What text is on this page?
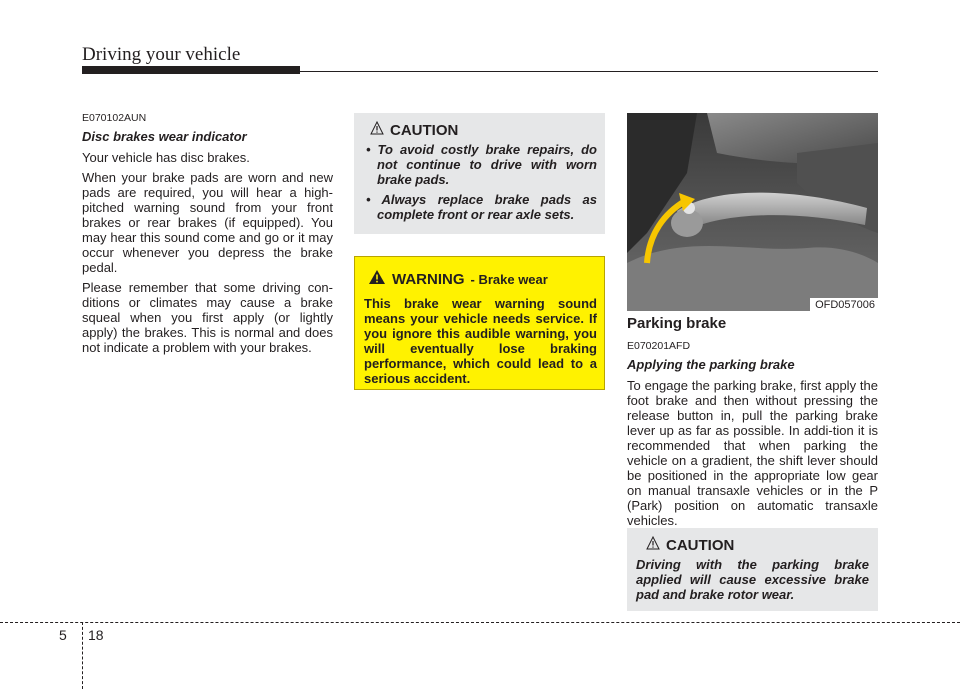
Driving your vehicle

E070102AUN

Disc brakes wear indicator

Your vehicle has disc brakes.

When your brake pads are worn and new pads are required, you will hear a high-pitched warning sound from your front brakes or rear brakes (if equipped). You may hear this sound come and go or it may occur whenever you depress the brake pedal.

Please remember that some driving con-ditions or climates may cause a brake squeal when you first apply (or lightly apply) the brakes. This is normal and does not indicate a problem with your brakes.

CAUTION
• To avoid costly brake repairs, do not continue to drive with worn brake pads.
• Always replace brake pads as complete front or rear axle sets.
WARNING - Brake wear

This brake wear warning sound means your vehicle needs service. If you ignore this audible warning, you will eventually lose braking performance, which could lead to a serious accident.

OFD057006

Parking brake

E070201AFD

Applying the parking brake

To engage the parking brake, first apply the foot brake and then without pressing the release button in, pull the parking brake lever up as far as possible. In addi-tion it is recommended that when parking the vehicle on a gradient, the shift lever should be positioned in the appropriate low gear on manual transaxle vehicles or in the P (Park) position on automatic transaxle vehicles.

CAUTION

Driving with the parking brake applied will cause excessive brake pad and brake rotor wear.

5 18
